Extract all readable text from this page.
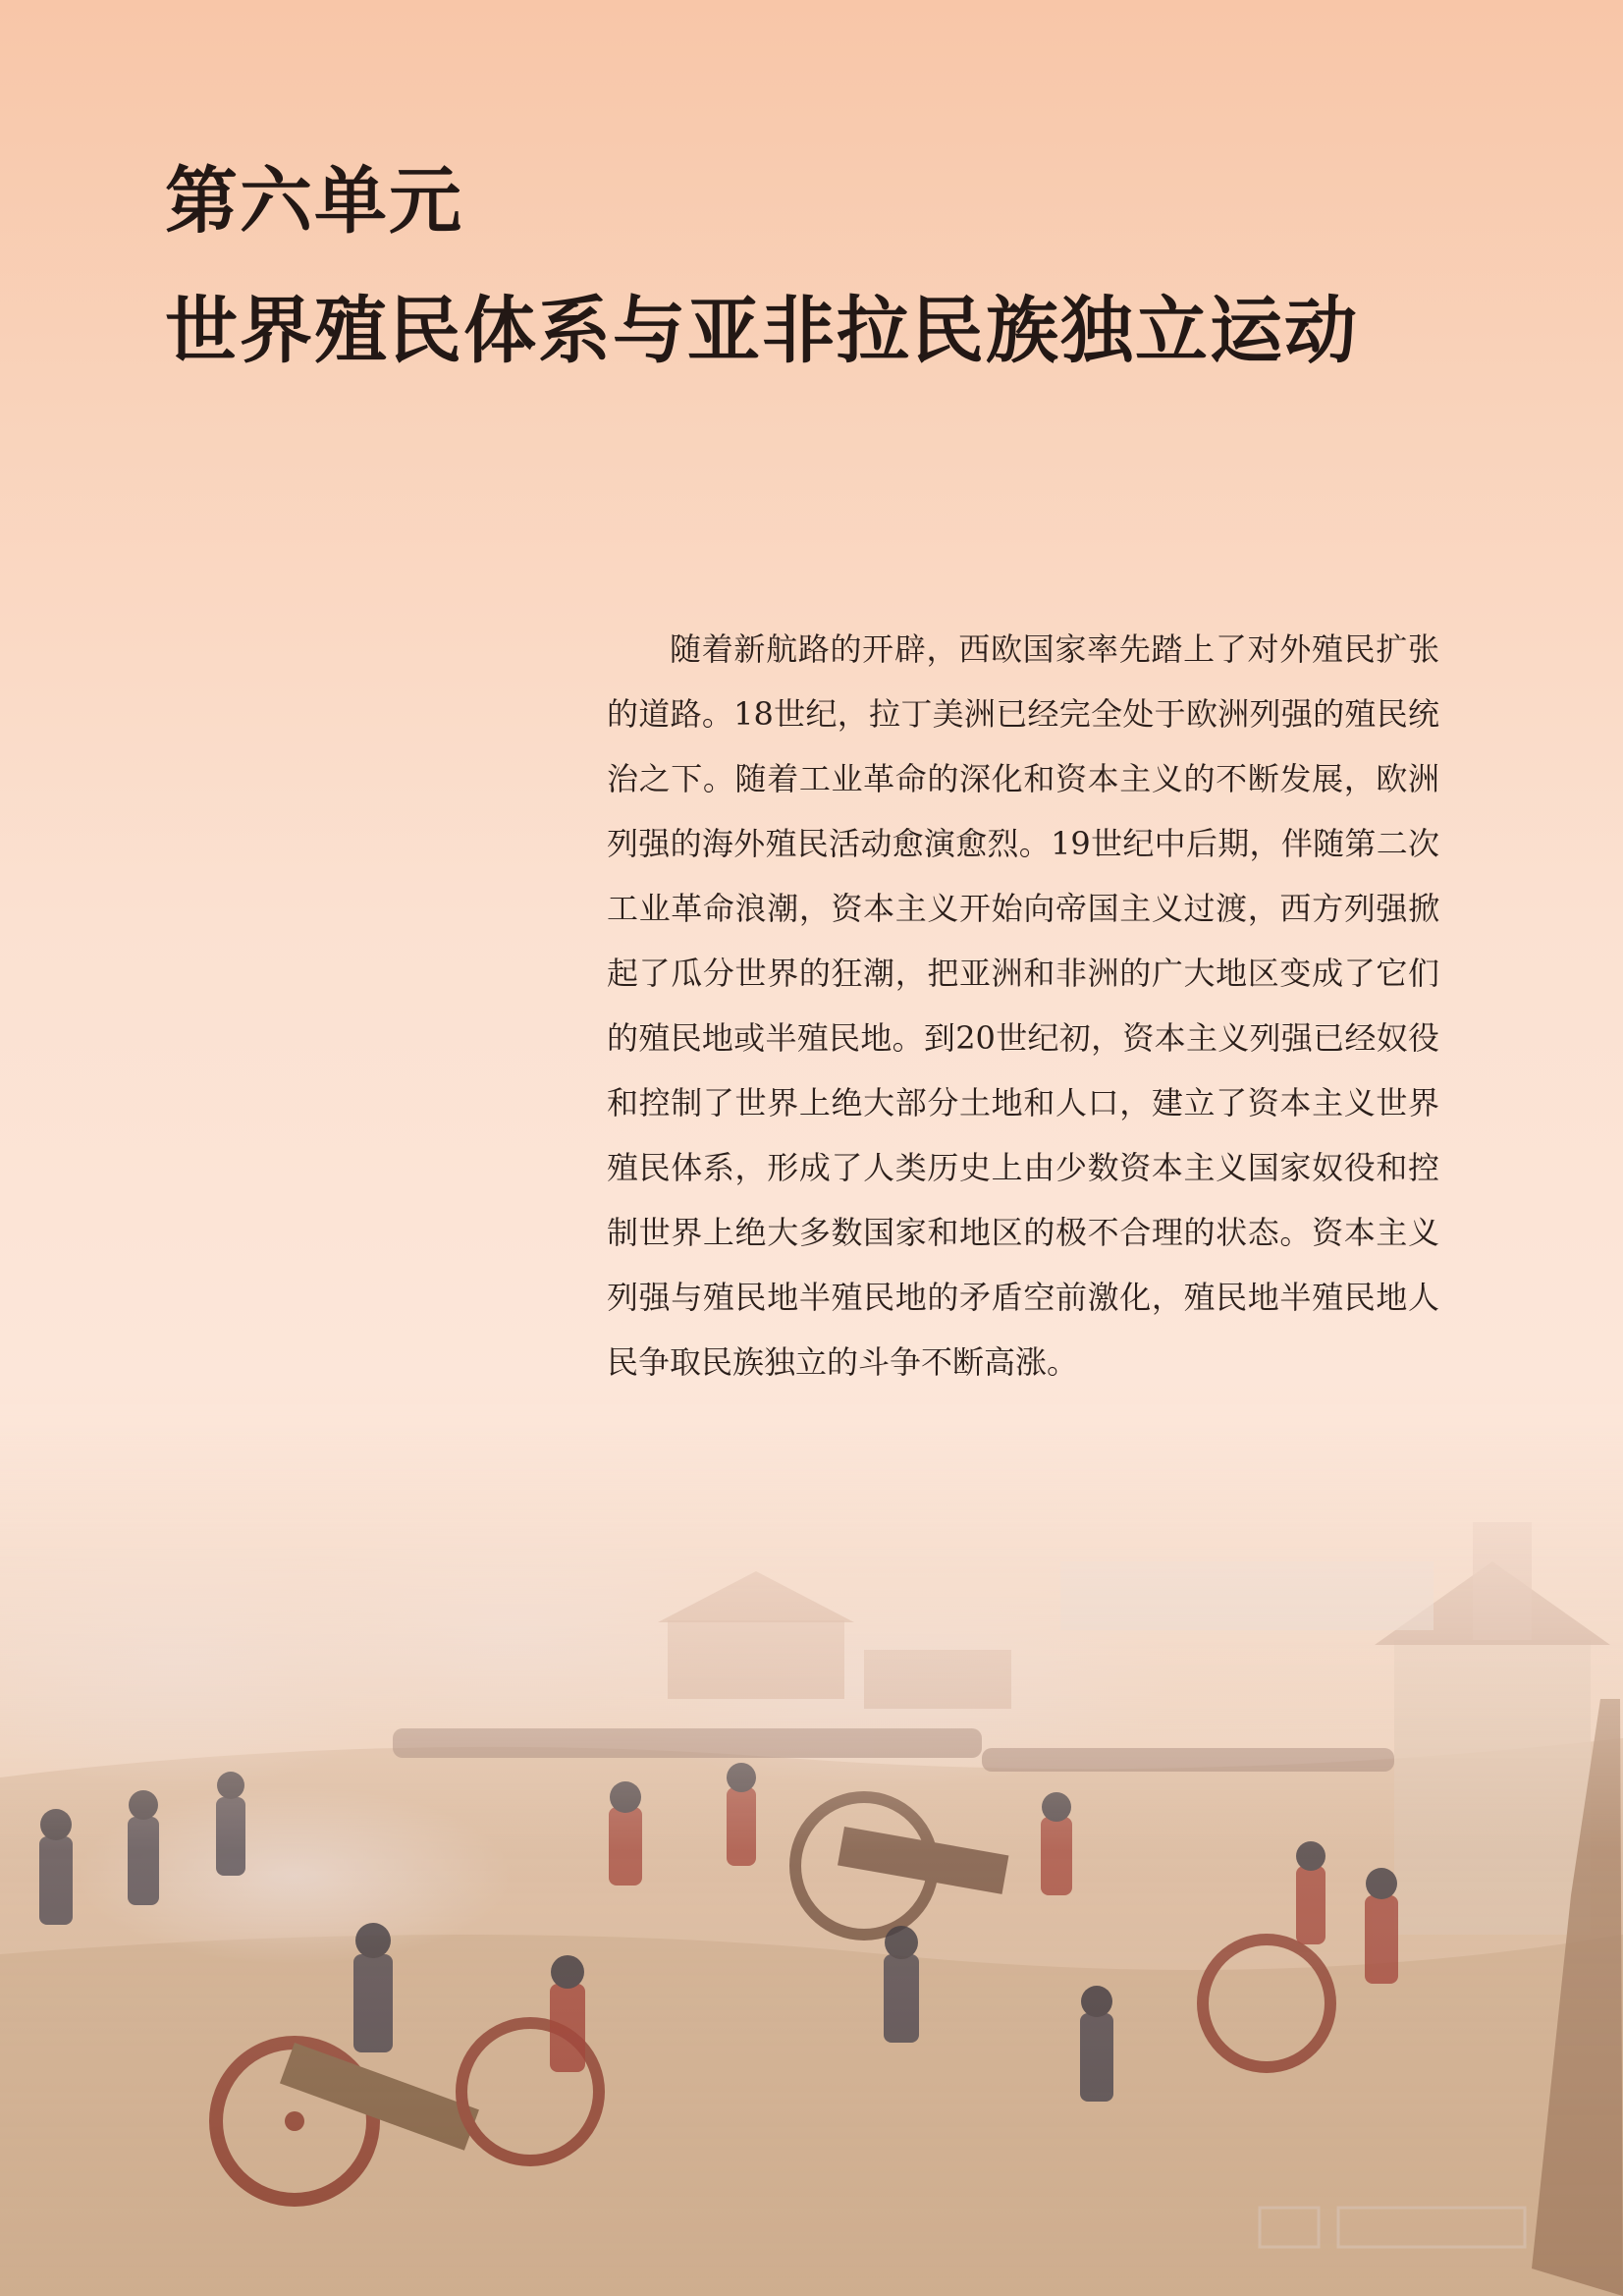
第六单元
世界殖民体系与亚非拉民族独立运动

随着新航路的开辟，西欧国家率先踏上了对外殖民扩张的道路。18世纪，拉丁美洲已经完全处于欧洲列强的殖民统治之下。随着工业革命的深化和资本主义的不断发展，欧洲列强的海外殖民活动愈演愈烈。19世纪中后期，伴随第二次工业革命浪潮，资本主义开始向帝国主义过渡，西方列强掀起了瓜分世界的狂潮，把亚洲和非洲的广大地区变成了它们的殖民地或半殖民地。到20世纪初，资本主义列强已经奴役和控制了世界上绝大部分土地和人口，建立了资本主义世界殖民体系，形成了人类历史上由少数资本主义国家奴役和控制世界上绝大多数国家和地区的极不合理的状态。资本主义列强与殖民地半殖民地的矛盾空前激化，殖民地半殖民地人民争取民族独立的斗争不断高涨。
